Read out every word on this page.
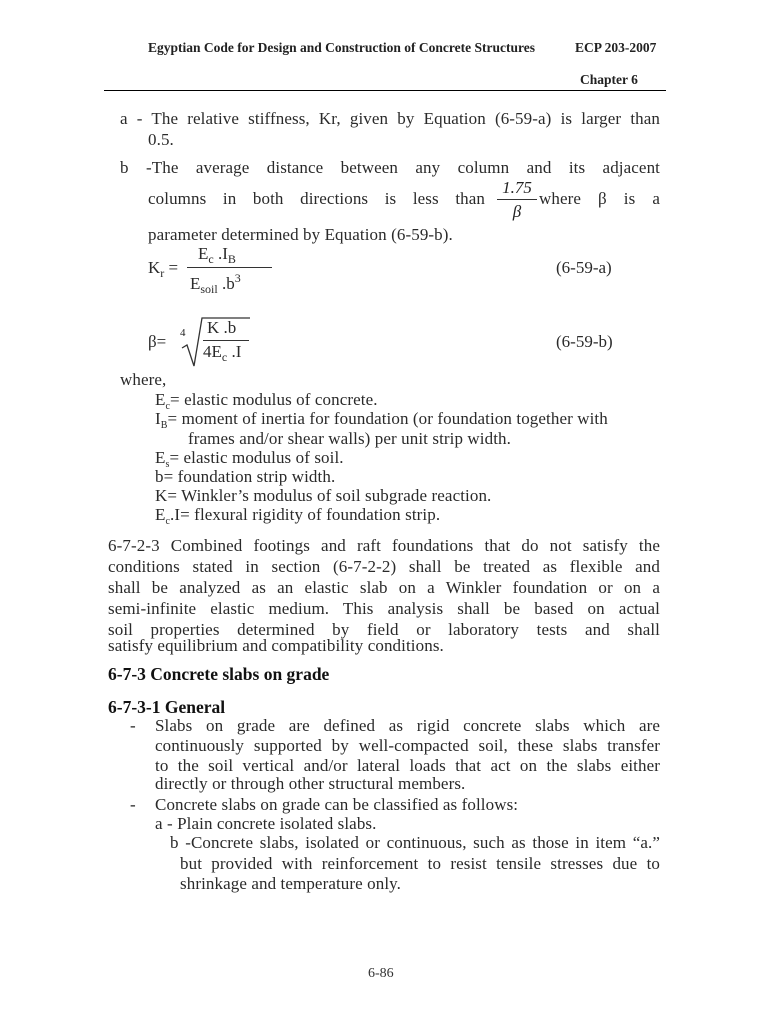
Egyptian Code for Design and Construction of Concrete Structures	ECP 203-2007
Chapter 6
a - The relative stiffness, Kr, given by Equation (6-59-a) is larger than
0.5.
b -The average distance between any column and its adjacent
columns in both directions is less than
1.75
β
where β is a
parameter determined by Equation (6-59-b).
$K_r$ =
$E_c$ $.I_B$
$E_{soil}$ $.b^3$
(6-59-a)
β= 4 K .b
$4E_c$ .I
(6-59-b)
where,
$E_c=$ elastic modulus of concrete.
$I_B=$ moment of inertia for foundation (or foundation together with
frames and/or shear walls) per unit strip width.
$E_s=$ elastic modulus of soil.
b= foundation strip width.
K= Winkler’s modulus of soil subgrade reaction.
$E_c.I=$ flexural rigidity of foundation strip.
6-7-2-3 Combined footings and raft foundations that do not satisfy the
conditions stated in section (6-7-2-2) shall be treated as flexible and
shall be analyzed as an elastic slab on a Winkler foundation or on a
semi-infinite elastic medium. This analysis shall be based on actual
soil properties determined by field or laboratory tests and shall
satisfy equilibrium and compatibility conditions.
6-7-3 Concrete slabs on grade
6-7-3-1 General
- Slabs on grade are defined as rigid concrete slabs which are
continuously supported by well-compacted soil, these slabs transfer
to the soil vertical and/or lateral loads that act on the slabs either
directly or through other structural members.
- Concrete slabs on grade can be classified as follows:
a - Plain concrete isolated slabs.
b -Concrete slabs, isolated or continuous, such as those in item “a.”
but provided with reinforcement to resist tensile stresses due to
shrinkage and temperature only.
6-86
